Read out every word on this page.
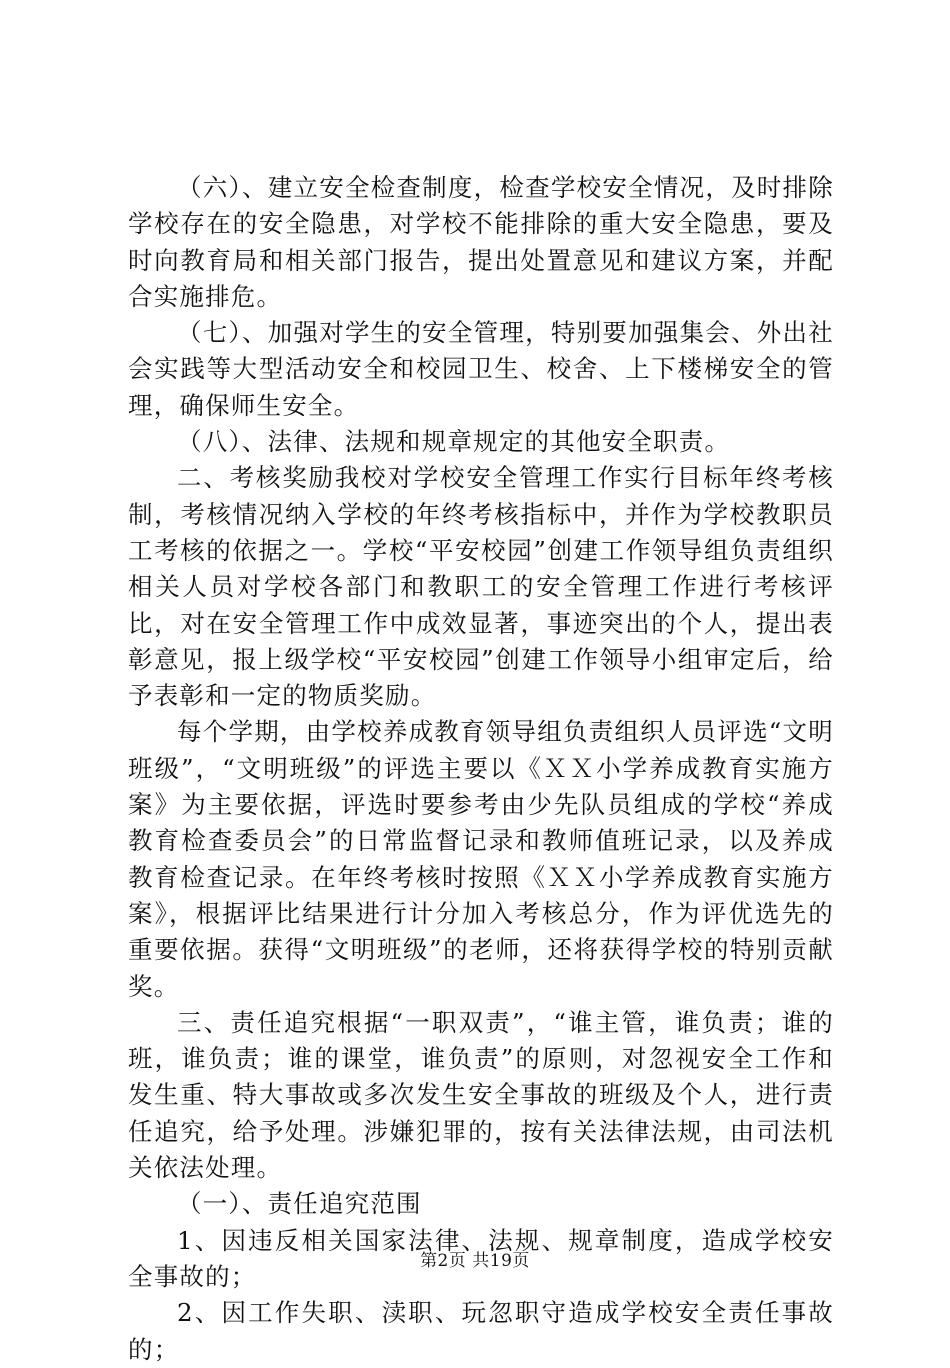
（六）、建立安全检查制度，检查学校安全情况，及时排除学校存在的安全隐患，对学校不能排除的重大安全隐患，要及时向教育局和相关部门报告，提出处置意见和建议方案，并配合实施排危。

（七）、加强对学生的安全管理，特别要加强集会、外出社会实践等大型活动安全和校园卫生、校舍、上下楼梯安全的管理，确保师生安全。

（八）、法律、法规和规章规定的其他安全职责。

二、考核奖励我校对学校安全管理工作实行目标年终考核制，考核情况纳入学校的年终考核指标中，并作为学校教职员工考核的依据之一。学校“平安校园”创建工作领导组负责组织相关人员对学校各部门和教职工的安全管理工作进行考核评比，对在安全管理工作中成效显著，事迹突出的个人，提出表彰意见，报上级学校“平安校园”创建工作领导小组审定后，给予表彰和一定的物质奖励。

每个学期，由学校养成教育领导组负责组织人员评选“文明班级”，“文明班级”的评选主要以《ＸＸ小学养成教育实施方案》为主要依据，评选时要参考由少先队员组成的学校“养成教育检查委员会”的日常监督记录和教师值班记录，以及养成教育检查记录。在年终考核时按照《ＸＸ小学养成教育实施方案》，根据评比结果进行计分加入考核总分，作为评优选先的重要依据。获得“文明班级”的老师，还将获得学校的特别贡献奖。

三、责任追究根据“一职双责”，“谁主管，谁负责；谁的班，谁负责；谁的课堂，谁负责”的原则，对忽视安全工作和发生重、特大事故或多次发生安全事故的班级及个人，进行责任追究，给予处理。涉嫌犯罪的，按有关法律法规，由司法机关依法处理。

（一）、责任追究范围

1、因违反相关国家法律、法规、规章制度，造成学校安全事故的；

2、因工作失职、渎职、玩忽职守造成学校安全责任事故的；

第2页 共19页
